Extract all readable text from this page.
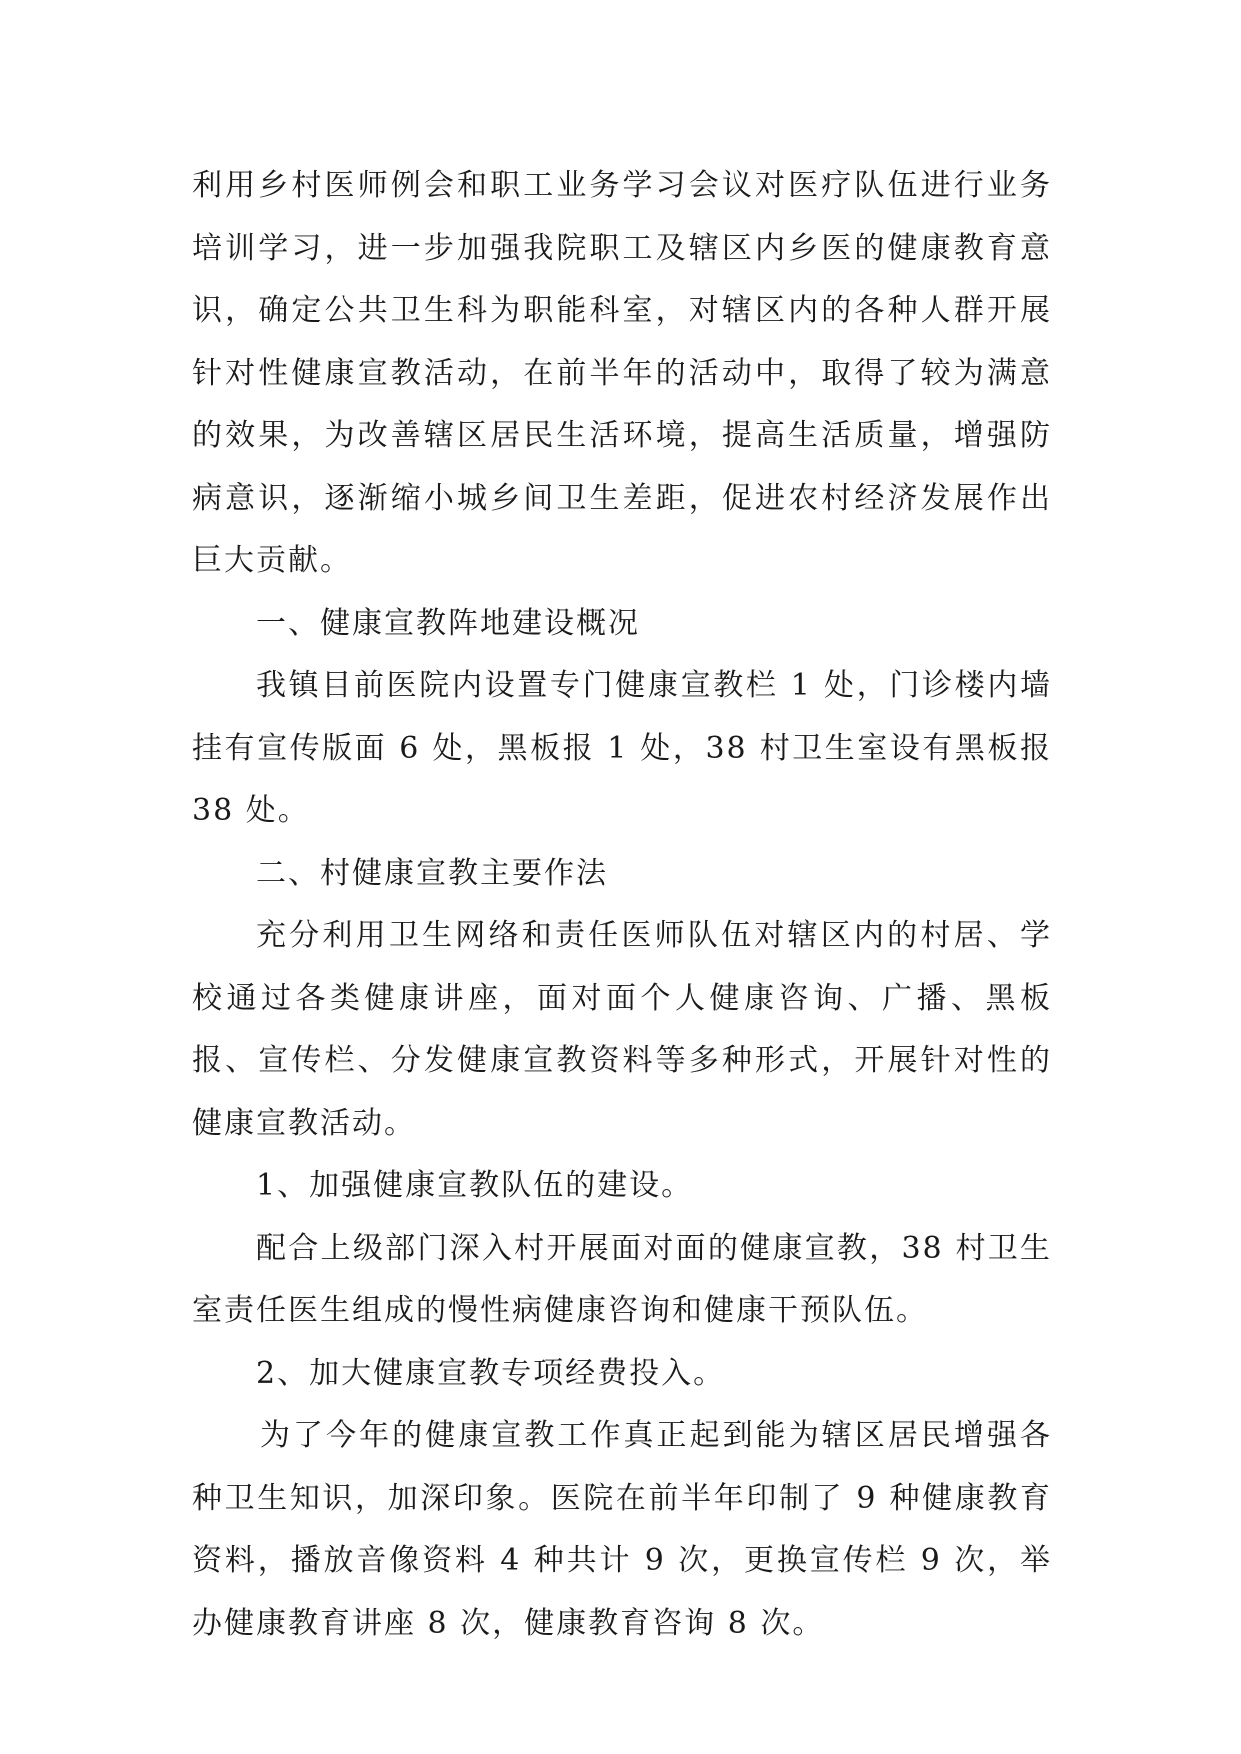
利用乡村医师例会和职工业务学习会议对医疗队伍进行业务培训学习，进一步加强我院职工及辖区内乡医的健康教育意识，确定公共卫生科为职能科室，对辖区内的各种人群开展针对性健康宣教活动，在前半年的活动中，取得了较为满意的效果，为改善辖区居民生活环境，提高生活质量，增强防病意识，逐渐缩小城乡间卫生差距，促进农村经济发展作出巨大贡献。

一、健康宣教阵地建设概况

我镇目前医院内设置专门健康宣教栏 1 处，门诊楼内墙挂有宣传版面 6 处，黑板报 1 处，38 村卫生室设有黑板报 38 处。

二、村健康宣教主要作法

充分利用卫生网络和责任医师队伍对辖区内的村居、学校通过各类健康讲座，面对面个人健康咨询、广播、黑板报、宣传栏、分发健康宣教资料等多种形式，开展针对性的健康宣教活动。

1、加强健康宣教队伍的建设。

配合上级部门深入村开展面对面的健康宣教，38 村卫生室责任医生组成的慢性病健康咨询和健康干预队伍。

2、加大健康宣教专项经费投入。

为了今年的健康宣教工作真正起到能为辖区居民增强各种卫生知识，加深印象。医院在前半年印制了 9 种健康教育资料，播放音像资料 4 种共计 9 次，更换宣传栏 9 次，举办健康教育讲座 8 次，健康教育咨询 8 次。
